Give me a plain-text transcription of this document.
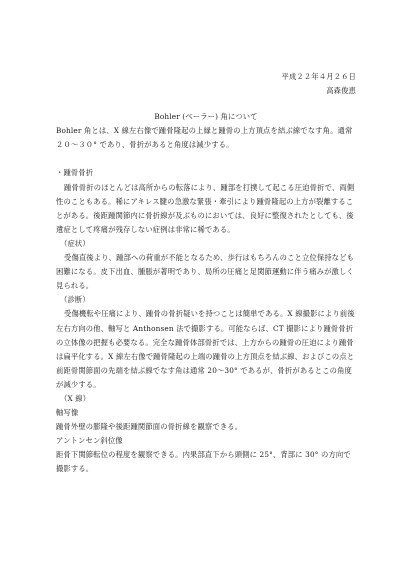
平成２２年４月２６日

高森俊恵

Bohler (べーラー) 角について

Bohler 角とは、X 線左右像で踵骨隆起の上縁と踵骨の上方頂点を結ぶ線でなす角。通常２０〜３０° であり、骨折があると角度は減少する。

・踵骨骨折

踵骨骨折のほとんどは高所からの転落により、踵部を打撲して起こる圧迫骨折で、両側性のこともある。稀にアキレス腱の急激な緊張・牽引により踵骨隆起の上方が裂離することがある。後距踵関節内に骨折線が及ぶものにおいては、良好に整復されたとしても、後遺症として疼痛が残存しない症例は非常に稀である。

（症状）

受傷直後より、踵部への荷重が不能となるため、歩行はもちろんのこと立位保持なども困難になる。皮下出血、腫脹が著明であり、局所の圧痛と足関節運動に伴う痛みが激しく見られる。

（診断）

受傷機転や圧痛により、踵骨の骨折疑いを持つことは簡単である。X 線撮影により前後左右方向の他、軸写と Anthonsen 法で撮影する。可能ならば、CT 撮影により踵骨骨折の立体像の把握も必要なる。完全な踵骨体部骨折では、上方からの踵骨の圧迫により踵骨は扁平化する。X 線左右像で踵骨隆起の上端の踵骨の上方頂点を結ぶ線、およびこの点と前距骨関節面の先端を結ぶ線でなす角は通常 20〜30° であるが、骨折があるとこの角度が減少する。

（X 線）

軸写像

踵骨外壁の膨隆や後距踵関節面の骨折線を観察できる。

アントンセン斜位像

距骨下関節転位の程度を観察できる。内果部直下から頭側に 25°、背部に 30° の方向で撮影する。
